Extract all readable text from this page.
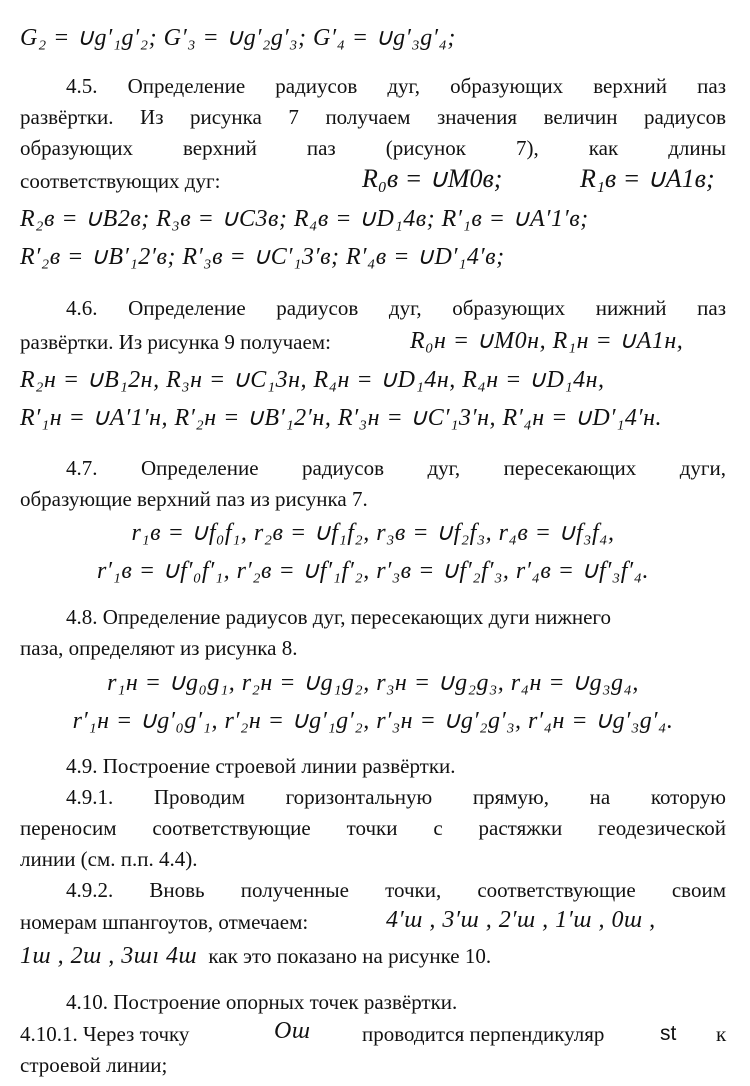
G₂ = ∪g′₁g′₂; G′₃ = ∪g′₂g′₃; G′₄ = ∪g′₃g′₄;
4.5. Определение радиусов дуг, образующих верхний паз
развёртки. Из рисунка 7 получаем значения величин радиусов
образующих верхний паз (рисунок 7), как длины
соответствующих дуг:	R₀в = ∪M0в;	R₁в = ∪A1в;
R₂в = ∪B2в; R₃в = ∪C3в; R₄в = ∪D₁4в; R′₁в = ∪A′1′в;
R′₂в = ∪B′₁2′в; R′₃в = ∪C′₁3′в; R′₄в = ∪D′₁4′в;
4.6. Определение радиусов дуг, образующих нижний паз
развёртки. Из рисунка 9 получаем:	R₀н = ∪M0н, R₁н = ∪A1н,
R₂н = ∪B₁2н, R₃н = ∪C₁3н, R₄н = ∪D₁4н, R₄н = ∪D₁4н,
R′₁н = ∪A′1′н, R′₂н = ∪B′₁2′н, R′₃н = ∪C′₁3′н, R′₄н = ∪D′₁4′н.
4.7. Определение радиусов дуг, пересекающих дуги,
образующие верхний паз из рисунка 7.
r₁в = ∪f₀f₁, r₂в = ∪f₁f₂, r₃в = ∪f₂f₃, r₄в = ∪f₃f₄,
r′₁в = ∪f′₀f′₁, r′₂в = ∪f′₁f′₂, r′₃в = ∪f′₂f′₃, r′₄в = ∪f′₃f′₄.
4.8. Определение радиусов дуг, пересекающих дуги нижнего
паза, определяют из рисунка 8.
r₁н = ∪g₀g₁, r₂н = ∪g₁g₂, r₃н = ∪g₂g₃, r₄н = ∪g₃g₄,
r′₁н = ∪g′₀g′₁, r′₂н = ∪g′₁g′₂, r′₃н = ∪g′₂g′₃, r′₄н = ∪g′₃g′₄.
4.9. Построение строевой линии развёртки.
4.9.1. Проводим горизонтальную прямую, на которую
переносим соответствующие точки с растяжки геодезической
линии (см. п.п. 4.4).
4.9.2. Вновь полученные точки, соответствующие своим
номерам шпангоутов, отмечаем:	4′ш , 3′ш , 2′ш , 1′ш , 0ш ,
1ш , 2ш , 3шı 4ш как это показано на рисунке 10.
4.10. Построение опорных точек развёртки.
4.10.1. Через точку	Ош проводится перпендикуляр	st к
строевой линии;
